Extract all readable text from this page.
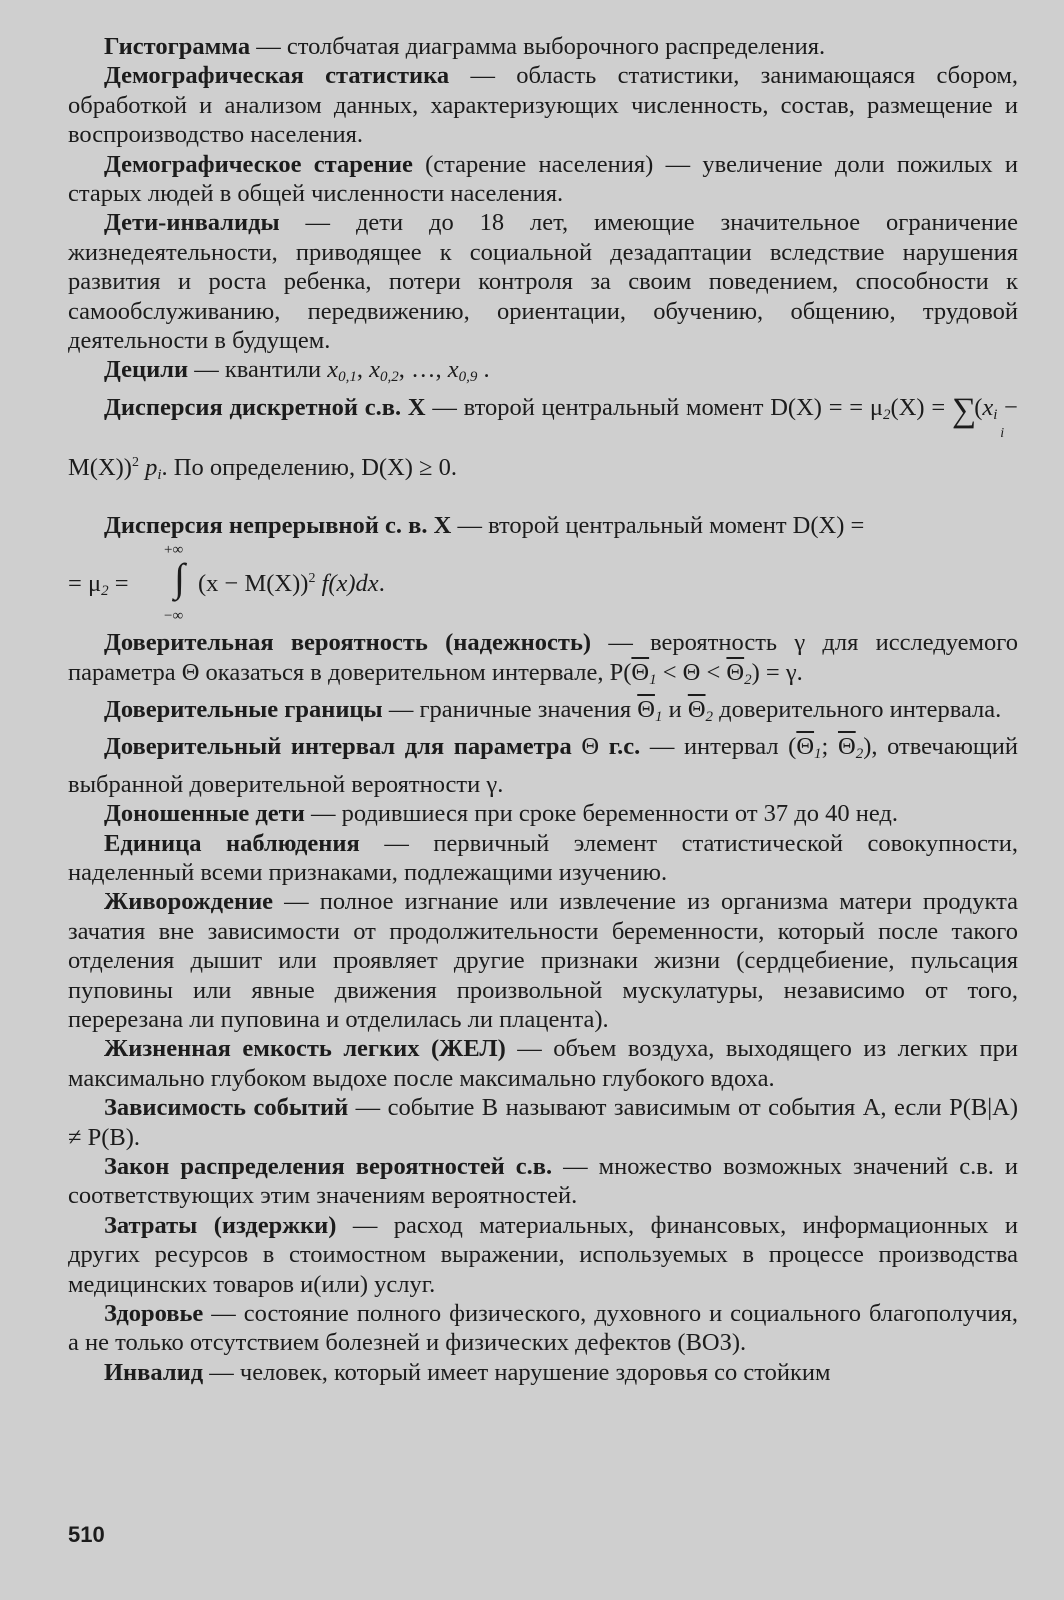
Гистограмма — столбчатая диаграмма выборочного распределения.

Демографическая статистика — область статистики, занимающаяся сбором, обработкой и анализом данных, характеризующих численность, состав, размещение и воспроизводство населения.

Демографическое старение (старение населения) — увеличение доли пожилых и старых людей в общей численности населения.

Дети-инвалиды — дети до 18 лет, имеющие значительное ограничение жизнедеятельности, приводящее к социальной дезадаптации вследствие нарушения развития и роста ребенка, потери контроля за своим поведением, способности к самообслуживанию, передвижению, ориентации, обучению, общению, трудовой деятельности в будущем.

Децили — квантили $x_{0,1}$, $x_{0,2}$, …, $x_{0,9}$ .

Дисперсия дискретной с.в. X — второй центральный момент D(X) = = $\mu_2(X) = \sum i(x_i - M(X))^2$ $p_i$. По определению, D(X) ≥ 0.

Дисперсия непрерывной с. в. X — второй центральный момент D(X) =

= $\mu_2$ =
+∞
∫
−∞
$(x - M(X))^2$ f(x)dx.

Доверительная вероятность (надежность) — вероятность γ для исследуемого параметра Θ оказаться в доверительном интервале, $P(\overline{\Theta}_1 < \Theta < \overline{\Theta}_2) = \gamma$.

Доверительные границы — граничные значения $\overline{\Theta}_1$ и $\overline{\Theta}_2$ доверительного интервала.

Доверительный интервал для параметра Θ г.с. — интервал ($\overline{\Theta}_1$; $\overline{\Theta}_2$), отвечающий выбранной доверительной вероятности γ.

Доношенные дети — родившиеся при сроке беременности от 37 до 40 нед.

Единица наблюдения — первичный элемент статистической совокупности, наделенный всеми признаками, подлежащими изучению.

Живорождение — полное изгнание или извлечение из организма матери продукта зачатия вне зависимости от продолжительности беременности, который после такого отделения дышит или проявляет другие признаки жизни (сердцебиение, пульсация пуповины или явные движения произвольной мускулатуры, независимо от того, перерезана ли пуповина и отделилась ли плацента).

Жизненная емкость легких (ЖЕЛ) — объем воздуха, выходящего из легких при максимально глубоком выдохе после максимально глубокого вдоха.

Зависимость событий — событие B называют зависимым от события A, если P(B|A) ≠ P(B).

Закон распределения вероятностей с.в. — множество возможных значений с.в. и соответствующих этим значениям вероятностей.

Затраты (издержки) — расход материальных, финансовых, информационных и других ресурсов в стоимостном выражении, используемых в процессе производства медицинских товаров и(или) услуг.

Здоровье — состояние полного физического, духовного и социального благополучия, а не только отсутствием болезней и физических дефектов (ВОЗ).

Инвалид — человек, который имеет нарушение здоровья со стойким

510
